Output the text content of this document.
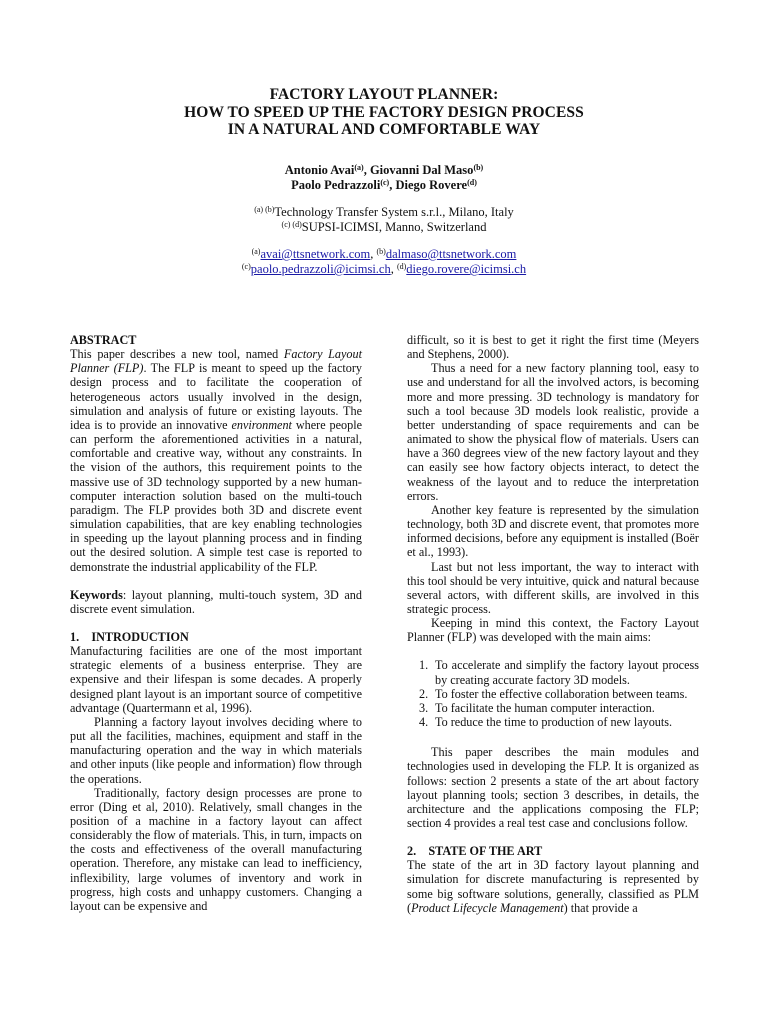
FACTORY LAYOUT PLANNER:
HOW TO SPEED UP THE FACTORY DESIGN PROCESS
IN A NATURAL AND COMFORTABLE WAY
Antonio Avai$^{(a)}$, Giovanni Dal Maso$^{(b)}$
Paolo Pedrazzoli$^{(c)}$, Diego Rovere$^{(d)}$
$^{(a) (b)}$Technology Transfer System s.r.l., Milano, Italy
$^{(c) (d)}$SUPSI-ICIMSI, Manno, Switzerland
$^{(a)}$avai@ttsnetwork.com, $^{(b)}$dalmaso@ttsnetwork.com
$^{(c)}$paolo.pedrazzoli@icimsi.ch, $^{(d)}$diego.rovere@icimsi.ch

ABSTRACT

This paper describes a new tool, named Factory Layout Planner (FLP). The FLP is meant to speed up the factory design process and to facilitate the cooperation of heterogeneous actors usually involved in the design, simulation and analysis of future or existing layouts. The idea is to provide an innovative environment where people can perform the aforementioned activities in a natural, comfortable and creative way, without any constraints. In the vision of the authors, this requirement points to the massive use of 3D technology supported by a new human-computer interaction solution based on the multi-touch paradigm. The FLP provides both 3D and discrete event simulation capabilities, that are key enabling technologies in speeding up the layout planning process and in finding out the desired solution. A simple test case is reported to demonstrate the industrial applicability of the FLP.

Keywords: layout planning, multi-touch system, 3D and discrete event simulation.

1.    INTRODUCTION

Manufacturing facilities are one of the most important strategic elements of a business enterprise. They are expensive and their lifespan is some decades. A properly designed plant layout is an important source of competitive advantage (Quartermann et al, 1996).

Planning a factory layout involves deciding where to put all the facilities, machines, equipment and staff in the manufacturing operation and the way in which materials and other inputs (like people and information) flow through the operations.

Traditionally, factory design processes are prone to error (Ding et al, 2010). Relatively, small changes in the position of a machine in a factory layout can affect considerably the flow of materials. This, in turn, impacts on the costs and effectiveness of the overall manufacturing operation. Therefore, any mistake can lead to inefficiency, inflexibility, large volumes of inventory and work in progress, high costs and unhappy customers. Changing a layout can be expensive and

difficult, so it is best to get it right the first time (Meyers and Stephens, 2000).

Thus a need for a new factory planning tool, easy to use and understand for all the involved actors, is becoming more and more pressing. 3D technology is mandatory for such a tool because 3D models look realistic, provide a better understanding of space requirements and can be animated to show the physical flow of materials. Users can have a 360 degrees view of the new factory layout and they can easily see how factory objects interact, to detect the weakness of the layout and to reduce the interpretation errors.

Another key feature is represented by the simulation technology, both 3D and discrete event, that promotes more informed decisions, before any equipment is installed (Boër et al., 1993).

Last but not less important, the way to interact with this tool should be very intuitive, quick and natural because several actors, with different skills, are involved in this strategic process.

Keeping in mind this context, the Factory Layout Planner (FLP) was developed with the main aims:

1. To accelerate and simplify the factory layout process by creating accurate factory 3D models.
2. To foster the effective collaboration between teams.
3. To facilitate the human computer interaction.
4. To reduce the time to production of new layouts.

This paper describes the main modules and technologies used in developing the FLP. It is organized as follows: section 2 presents a state of the art about factory layout planning tools; section 3 describes, in details, the architecture and the applications composing the FLP; section 4 provides a real test case and conclusions follow.

2.    STATE OF THE ART

The state of the art in 3D factory layout planning and simulation for discrete manufacturing is represented by some big software solutions, generally, classified as PLM (Product Lifecycle Management) that provide a
